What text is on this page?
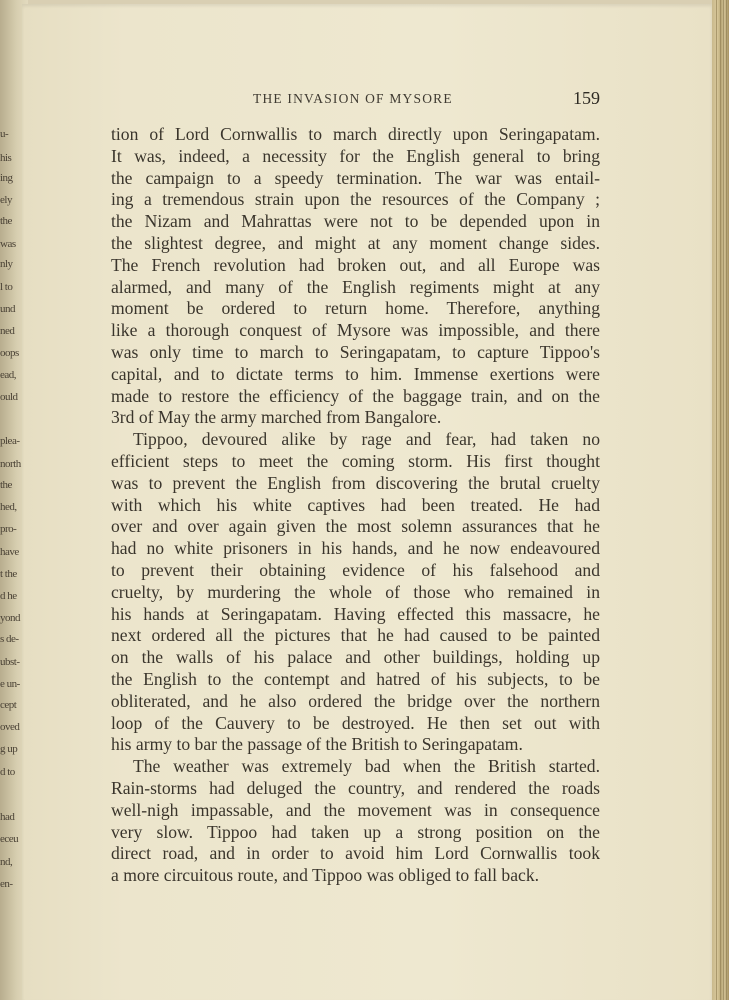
u-
his
ing
ely
the
was
nly
l to
und
ned
oops
ead,
ould
plea-
north
the
hed,
pro-
have
t the
d he
yond
s de-
ubst-
e un-
cept
oved
g up
d to
had
eceu
nd,
en-
THE INVASION OF MYSORE	159
tion of Lord Cornwallis to march directly upon Seringapatam.
It was, indeed, a necessity for the English general to bring
the campaign to a speedy termination. The war was entail-
ing a tremendous strain upon the resources of the Company ;
the Nizam and Mahrattas were not to be depended upon in
the slightest degree, and might at any moment change sides.
The French revolution had broken out, and all Europe was
alarmed, and many of the English regiments might at any
moment be ordered to return home. Therefore, anything
like a thorough conquest of Mysore was impossible, and there
was only time to march to Seringapatam, to capture Tippoo's
capital, and to dictate terms to him. Immense exertions were
made to restore the efficiency of the baggage train, and on the
3rd of May the army marched from Bangalore.
Tippoo, devoured alike by rage and fear, had taken no
efficient steps to meet the coming storm. His first thought
was to prevent the English from discovering the brutal cruelty
with which his white captives had been treated. He had
over and over again given the most solemn assurances that he
had no white prisoners in his hands, and he now endeavoured
to prevent their obtaining evidence of his falsehood and
cruelty, by murdering the whole of those who remained in
his hands at Seringapatam. Having effected this massacre, he
next ordered all the pictures that he had caused to be painted
on the walls of his palace and other buildings, holding up
the English to the contempt and hatred of his subjects, to be
obliterated, and he also ordered the bridge over the northern
loop of the Cauvery to be destroyed. He then set out with
his army to bar the passage of the British to Seringapatam.
The weather was extremely bad when the British started.
Rain-storms had deluged the country, and rendered the roads
well-nigh impassable, and the movement was in consequence
very slow. Tippoo had taken up a strong position on the
direct road, and in order to avoid him Lord Cornwallis took
a more circuitous route, and Tippoo was obliged to fall back.
